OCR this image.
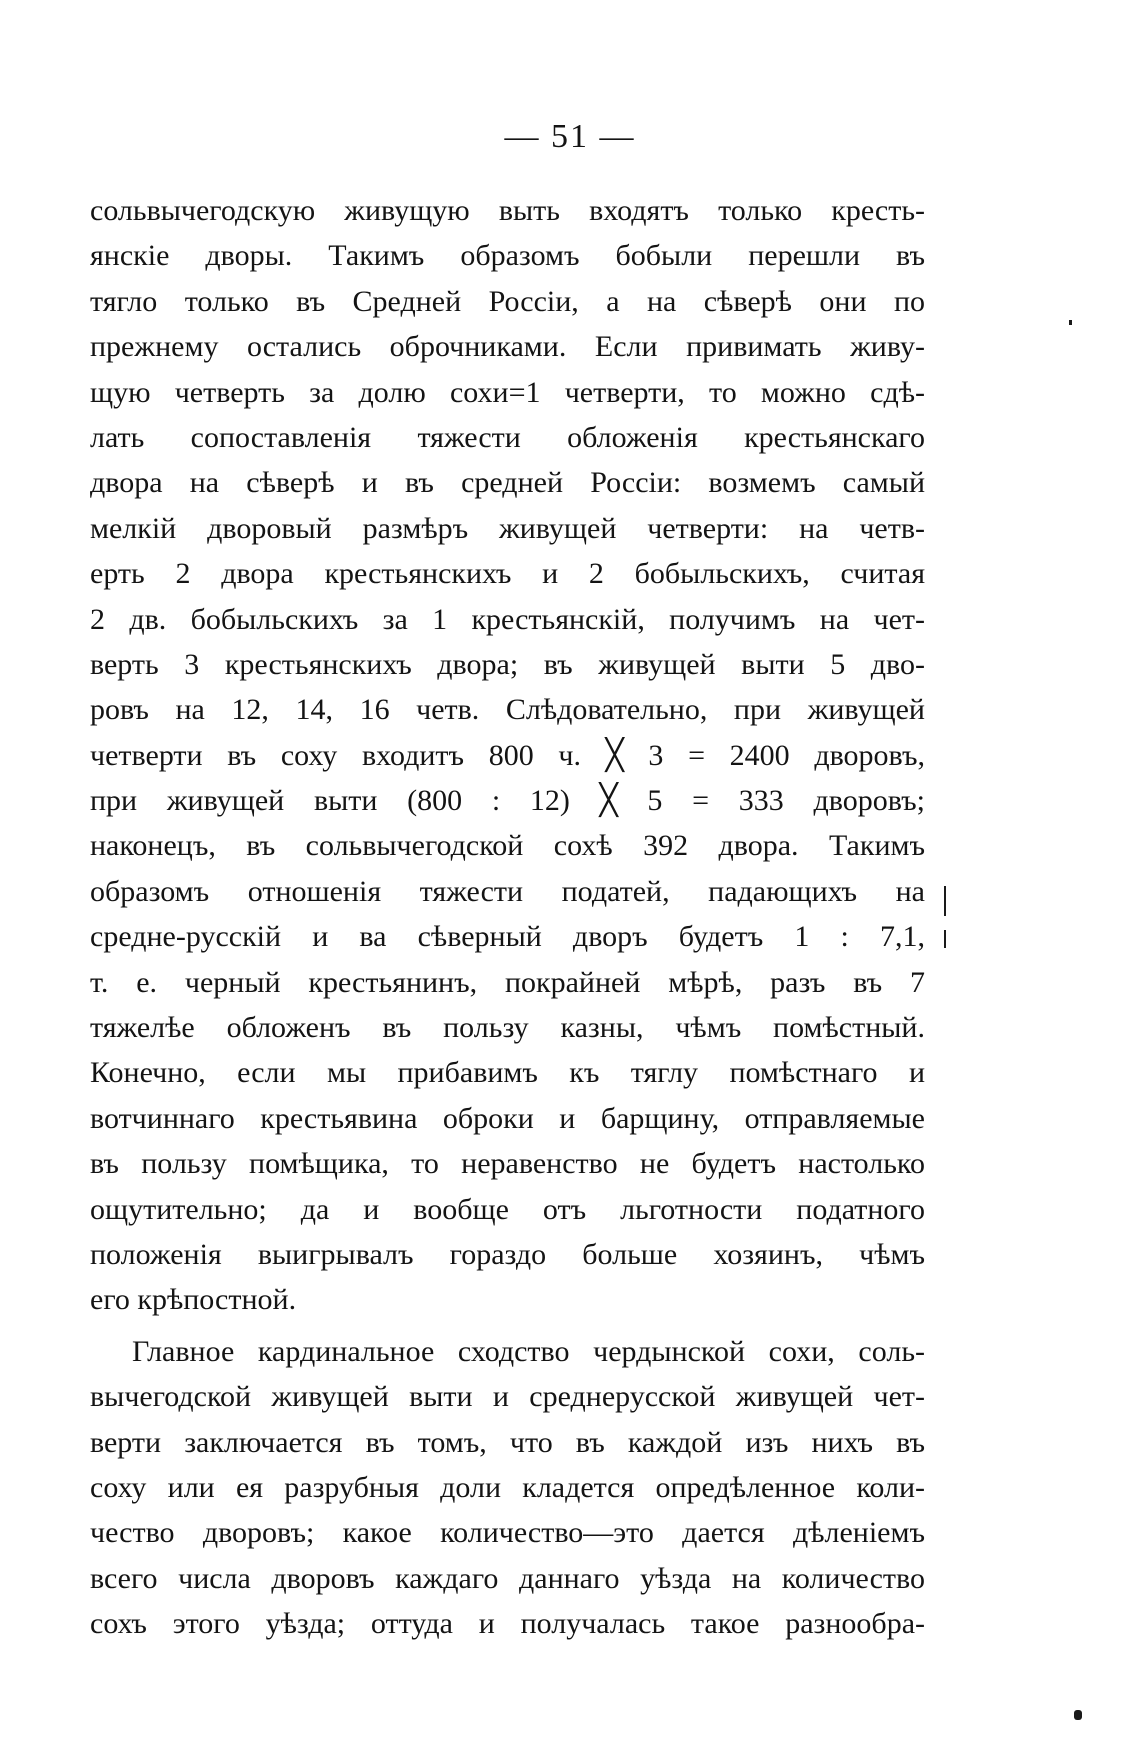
— 51 —
сольвычегодскую живущую выть входятъ только кресть-
янскіе дворы. Такимъ образомъ бобыли перешли въ
тягло только въ Средней Россіи, а на сѣверѣ они по
прежнему остались оброчниками. Если привимать живу-
щую четверть за долю сохи=1 четверти, то можно сдѣ-
лать сопоставленія тяжести обложенія крестьянскаго
двора на сѣверѣ и въ средней Россіи: возмемъ самый
мелкій дворовый размѣръ живущей четверти: на четв-
ерть 2 двора крестьянскихъ и 2 бобыльскихъ, считая
2 дв. бобыльскихъ за 1 крестьянскій, получимъ на чет-
верть 3 крестьянскихъ двора; въ живущей выти 5 дво-
ровъ на 12, 14, 16 четв. Слѣдовательно, при живущей
четверти въ соху входитъ 800 ч. ╳ 3 = 2400 дворовъ,
при живущей выти (800 : 12) ╳ 5 = 333 дворовъ;
наконецъ, въ сольвычегодской сохѣ 392 двора. Такимъ
образомъ отношенія тяжести податей, падающихъ на
средне-русскій и ва сѣверный дворъ будетъ 1 : 7,1,
т. е. черный крестьянинъ, покрайней мѣрѣ, разъ въ 7
тяжелѣе обложенъ въ пользу казны, чѣмъ помѣстный.
Конечно, если мы прибавимъ къ тяглу помѣстнаго и
вотчиннаго крестьявина оброки и барщину, отправляемые
въ пользу помѣщика, то неравенство не будетъ настолько
ощутительно; да и вообще отъ льготности податного
положенія выигрывалъ гораздо больше хозяинъ, чѣмъ
его крѣпостной.
Главное кардинальное сходство чердынской сохи, соль-
вычегодской живущей выти и среднерусской живущей чет-
верти заключается въ томъ, что въ каждой изъ нихъ въ
соху или ея разрубныя доли кладется опредѣленное коли-
чество дворовъ; какое количество—это дается дѣленіемъ
всего числа дворовъ каждаго даннаго уѣзда на количество
сохъ этого уѣзда; оттуда и получалась такое разнообра-
